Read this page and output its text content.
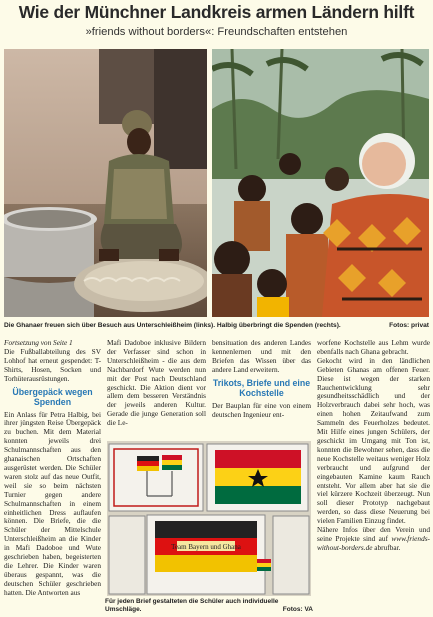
Wie der Münchner Landkreis armen Ländern hilft
»friends without borders«: Freundschaften entstehen
Die Ghanaer freuen sich über Besuch aus Unterschleißheim (links). Halbig überbringt die Spenden (rechts).	Fotos: privat

Fortsetzung von Seite 1

Die Fußballabteilung des SV Lohhof hat erneut gespendet: T-Shirts, Hosen, Socken und Torhüterausrüstungen.

Übergepäck wegen Spenden

Ein Anlass für Petra Halbig, bei ihrer jüngsten Reise Übergepäck zu buchen. Mit dem Material konnten jeweils drei Schulmannschaften aus den ghanaischen Ortschaften ausgerüstet werden. Die Schüler waren stolz auf das neue Outfit, weil sie so beim nächsten Turnier gegen andere Schulmannschaften in einem einheitlichen Dress auflaufen können. Die Briefe, die die Schüler der Mittelschule Unterschleißheim an die Kinder in Mafi Dadoboe und Wute geschrieben haben, begeisterten die Lehrer. Die Kinder waren überaus gespannt, was die deutschen Schüler geschrieben hatten. Die Antworten aus

Mafi Dadoboe inklusive Bildern der Verfasser sind schon in Unterschleißheim - die aus dem Nachbardorf Wute werden nun mit der Post nach Deutschland geschickt. Die Aktion dient vor allem dem besseren Verständnis der jeweils anderen Kultur. Gerade die junge Generation soll die Le-

bensituation des anderen Landes kennenlernen und mit den Briefen das Wissen über das andere Land erweitern.

Trikots, Briefe und eine Kochstelle

Der Bauplan für eine von einem deutschen Ingenieur ent-

worfene Kochstelle aus Lehm wurde ebenfalls nach Ghana gebracht.

Gekocht wird in den ländlichen Gebieten Ghanas am offenen Feuer. Diese ist wegen der starken Rauchentwicklung sehr gesundheitsschädlich und der Holzverbrauch dabei sehr hoch, was einen hohen Zeitaufwand zum Sammeln des Feuerholzes bedeutet. Mit Hilfe eines jungen Schülers, der geschickt im Umgang mit Ton ist, konnten die Bewohner sehen, dass die neue Kochstelle weitaus weniger Holz verbraucht und aufgrund der eingebauten Kamine kaum Rauch entsteht. Vor allem aber hat sie die viel kürzere Kochzeit überzeugt. Nun soll dieser Prototyp nachgebaut werden, so dass diese Neuerung bei vielen Familien Einzug findet.

Nähere Infos über den Verein und seine Projekte sind auf www.friends-without-borders.de abrufbar.

Team Bayern und Ghana
Für jeden Brief gestalteten die Schüler auch individuelle Umschläge.	Fotos: VA
